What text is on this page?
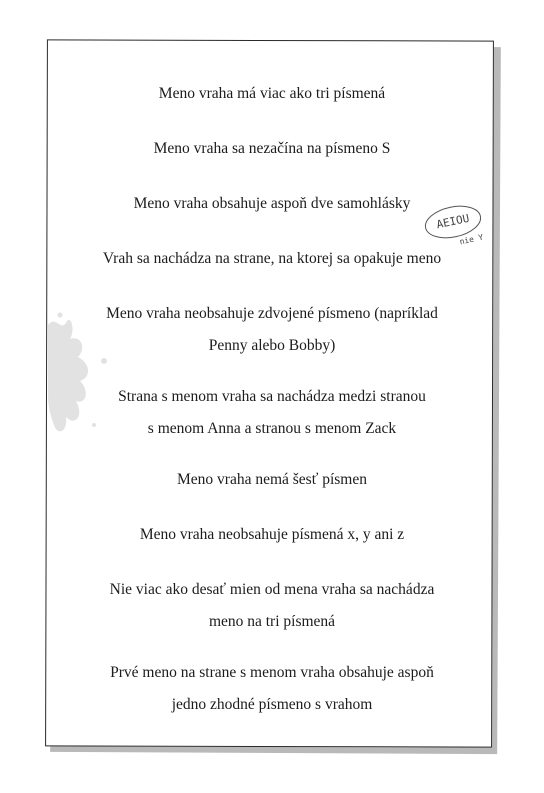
Meno vraha má viac ako tri písmená
Meno vraha sa nezačína na písmeno S
Meno vraha obsahuje aspoň dve samohlásky
Vrah sa nachádza na strane, na ktorej sa opakuje meno
Meno vraha neobsahuje zdvojené písmeno (napríklad
Penny alebo Bobby)
Strana s menom vraha sa nachádza medzi stranou
s menom Anna a stranou s menom Zack
Meno vraha nemá šesť písmen
Meno vraha neobsahuje písmená x, y ani z
Nie viac ako desať mien od mena vraha sa nachádza
meno na tri písmená
Prvé meno na strane s menom vraha obsahuje aspoň
jedno zhodné písmeno s vrahom
AEIOU
nie Y
